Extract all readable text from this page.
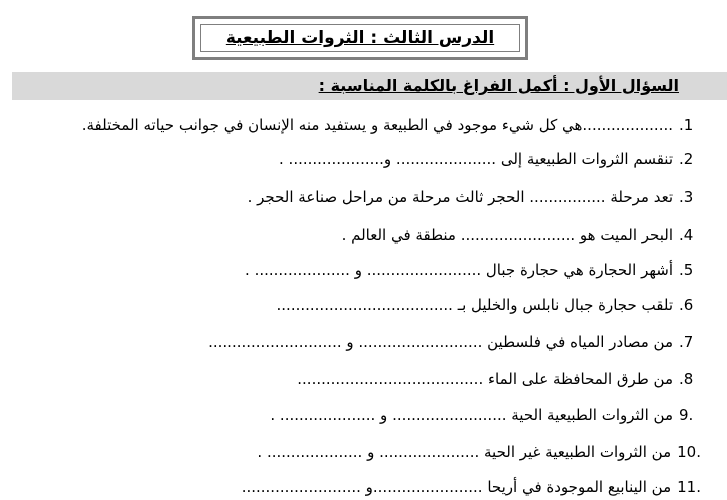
الدرس الثالث : الثروات الطبيعية
السؤال الأول : أكمل الفراغ بالكلمة المناسبة :
.1
...................هي كل شيء موجود في الطبيعة و يستفيد منه الإنسان في جوانب حياته المختلفة.
.2
تنقسم الثروات الطبيعية إلى ..................... و.................... .
.3
تعد مرحلة ................ الحجر ثالث مرحلة من مراحل صناعة الحجر .
.4
البحر الميت هو ........................ منطقة في العالم .
.5
أشهر الحجارة هي حجارة جبال ........................ و .................... .
.6
تلقب حجارة جبال نابلس والخليل بـ .....................................
.7
من مصادر المياه في فلسطين .......................... و ............................
.8
من طرق المحافظة على الماء .......................................
9.
من الثروات الطبيعية الحية ........................ و .................... .
10.
من الثروات الطبيعية غير الحية ..................... و .................... .
11.
من الينابيع الموجودة في أريحا .......................و .........................
